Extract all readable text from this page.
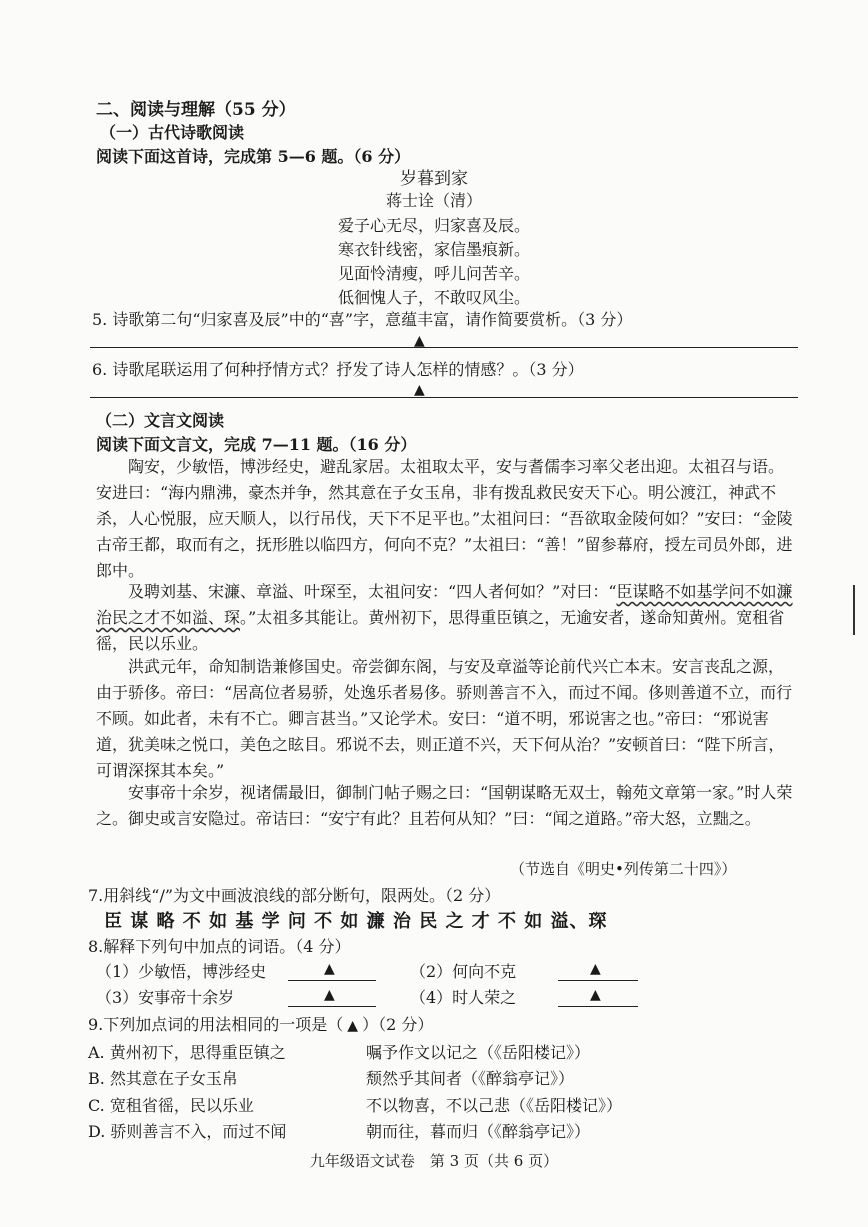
二、阅读与理解（55 分）
（一）古代诗歌阅读
阅读下面这首诗，完成第 5—6 题。（6 分）
岁暮到家
蒋士诠（清）
爱子心无尽，归家喜及辰。
寒衣针线密，家信墨痕新。
见面怜清瘦，呼儿问苦辛。
低徊愧人子，不敢叹风尘。
5. 诗歌第二句“归家喜及辰”中的“喜”字，意蕴丰富，请作简要赏析。（3 分）
▲
6. 诗歌尾联运用了何种抒情方式？抒发了诗人怎样的情感？。（3 分）
▲
（二）文言文阅读
阅读下面文言文，完成 7—11 题。（16 分）
陶安，少敏悟，博涉经史，避乱家居。太祖取太平，安与耆儒李习率父老出迎。太祖召与语。安进曰：“海内鼎沸，豪杰并争，然其意在子女玉帛，非有拨乱救民安天下心。明公渡江，神武不杀，人心悦服，应天顺人，以行吊伐，天下不足平也。”太祖问曰：“吾欲取金陵何如？”安曰：“金陵古帝王都，取而有之，抚形胜以临四方，何向不克？”太祖曰：“善！”留参幕府，授左司员外郎，进郎中。
及聘刘基、宋濂、章溢、叶琛至，太祖问安：“四人者何如？”对曰：“臣谋略不如基学问不如濂治民之才不如溢、琛。”太祖多其能让。黄州初下，思得重臣镇之，无逾安者，遂命知黄州。宽租省徭，民以乐业。
洪武元年，命知制诰兼修国史。帝尝御东阁，与安及章溢等论前代兴亡本末。安言丧乱之源，由于骄侈。帝曰：“居高位者易骄，处逸乐者易侈。骄则善言不入，而过不闻。侈则善道不立，而行不顾。如此者，未有不亡。卿言甚当。”又论学术。安曰：“道不明，邪说害之也。”帝曰：“邪说害道，犹美味之悦口，美色之眩目。邪说不去，则正道不兴，天下何从治？”安顿首曰：“陛下所言，可谓深探其本矣。”
安事帝十余岁，视诸儒最旧，御制门帖子赐之曰：“国朝谋略无双士，翰苑文章第一家。”时人荣之。御史或言安隐过。帝诘曰：“安宁有此？且若何从知？”曰：“闻之道路。”帝大怒，立黜之。
（节选自《明史•列传第二十四》）
7.用斜线“/”为文中画波浪线的部分断句，限两处。（2 分）
臣 谋 略 不 如 基 学 问 不 如 濂 治 民 之 才 不 如 溢、琛
8.解释下列句中加点的词语。（4 分）
（1）少敏悟，博涉经史	▲	（2）何向不克	▲
（3）安事帝十余岁	▲	（4）时人荣之	▲
9.下列加点词的用法相同的一项是（ ▲ ）（2 分）
A. 黄州初下，思得重臣镇之	嘱予作文以记之（《岳阳楼记》）
B. 然其意在子女玉帛	颓然乎其间者（《醉翁亭记》）
C. 宽租省徭，民以乐业	不以物喜，不以己悲（《岳阳楼记》）
D. 骄则善言不入，而过不闻	朝而往，暮而归（《醉翁亭记》）
九年级语文试卷　第 3 页（共 6 页）
